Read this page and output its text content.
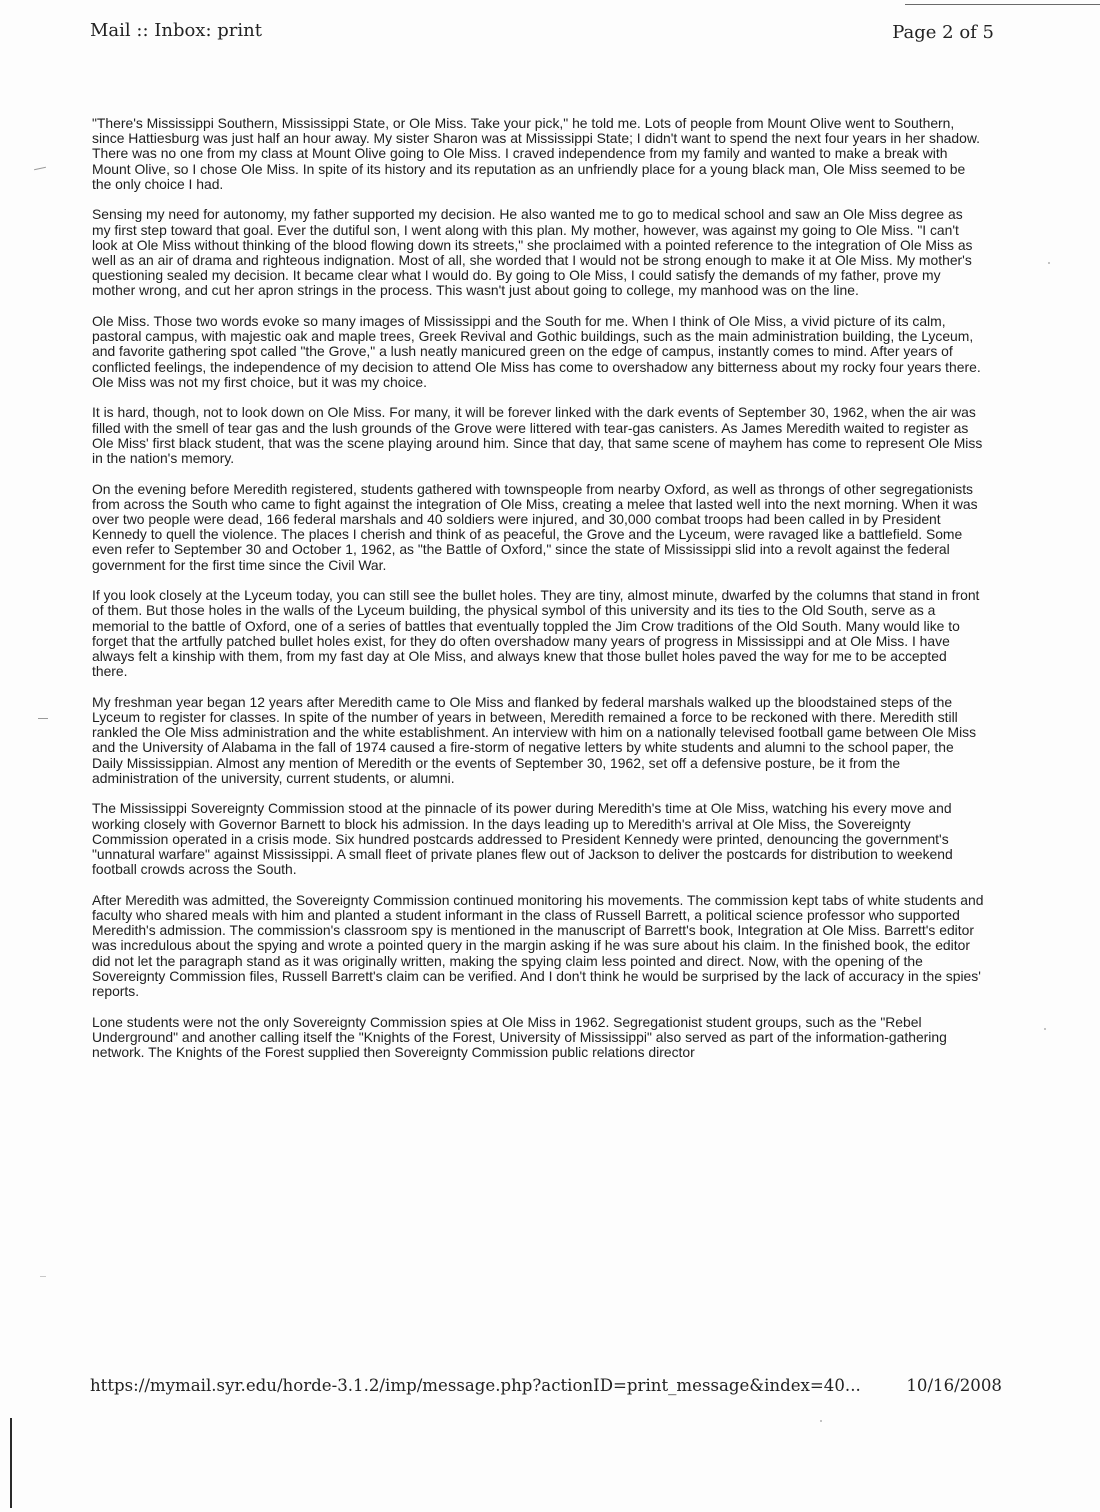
Mail :: Inbox: print	Page 2 of 5

"There's Mississippi Southern, Mississippi State, or Ole Miss. Take your pick," he told me. Lots of people from Mount Olive went to Southern, since Hattiesburg was just half an hour away. My sister Sharon was at Mississippi State; I didn't want to spend the next four years in her shadow. There was no one from my class at Mount Olive going to Ole Miss. I craved independence from my family and wanted to make a break with Mount Olive, so I chose Ole Miss. In spite of its history and its reputation as an unfriendly place for a young black man, Ole Miss seemed to be the only choice I had.

Sensing my need for autonomy, my father supported my decision. He also wanted me to go to medical school and saw an Ole Miss degree as my first step toward that goal. Ever the dutiful son, I went along with this plan. My mother, however, was against my going to Ole Miss. "I can't look at Ole Miss without thinking of the blood flowing down its streets," she proclaimed with a pointed reference to the integration of Ole Miss as well as an air of drama and righteous indignation. Most of all, she worded that I would not be strong enough to make it at Ole Miss. My mother's questioning sealed my decision. It became clear what I would do. By going to Ole Miss, I could satisfy the demands of my father, prove my mother wrong, and cut her apron strings in the process. This wasn't just about going to college, my manhood was on the line.

Ole Miss. Those two words evoke so many images of Mississippi and the South for me. When I think of Ole Miss, a vivid picture of its calm, pastoral campus, with majestic oak and maple trees, Greek Revival and Gothic buildings, such as the main administration building, the Lyceum, and favorite gathering spot called "the Grove," a lush neatly manicured green on the edge of campus, instantly comes to mind. After years of conflicted feelings, the independence of my decision to attend Ole Miss has come to overshadow any bitterness about my rocky four years there. Ole Miss was not my first choice, but it was my choice.

It is hard, though, not to look down on Ole Miss. For many, it will be forever linked with the dark events of September 30, 1962, when the air was filled with the smell of tear gas and the lush grounds of the Grove were littered with tear-gas canisters. As James Meredith waited to register as Ole Miss' first black student, that was the scene playing around him. Since that day, that same scene of mayhem has come to represent Ole Miss in the nation's memory.

On the evening before Meredith registered, students gathered with townspeople from nearby Oxford, as well as throngs of other segregationists from across the South who came to fight against the integration of Ole Miss, creating a melee that lasted well into the next morning. When it was over two people were dead, 166 federal marshals and 40 soldiers were injured, and 30,000 combat troops had been called in by President Kennedy to quell the violence. The places I cherish and think of as peaceful, the Grove and the Lyceum, were ravaged like a battlefield. Some even refer to September 30 and October 1, 1962, as "the Battle of Oxford," since the state of Mississippi slid into a revolt against the federal government for the first time since the Civil War.

If you look closely at the Lyceum today, you can still see the bullet holes. They are tiny, almost minute, dwarfed by the columns that stand in front of them. But those holes in the walls of the Lyceum building, the physical symbol of this university and its ties to the Old South, serve as a memorial to the battle of Oxford, one of a series of battles that eventually toppled the Jim Crow traditions of the Old South. Many would like to forget that the artfully patched bullet holes exist, for they do often overshadow many years of progress in Mississippi and at Ole Miss. I have always felt a kinship with them, from my fast day at Ole Miss, and always knew that those bullet holes paved the way for me to be accepted there.

My freshman year began 12 years after Meredith came to Ole Miss and flanked by federal marshals walked up the bloodstained steps of the Lyceum to register for classes. In spite of the number of years in between, Meredith remained a force to be reckoned with there. Meredith still rankled the Ole Miss administration and the white establishment. An interview with him on a nationally televised football game between Ole Miss and the University of Alabama in the fall of 1974 caused a fire-storm of negative letters by white students and alumni to the school paper, the Daily Mississippian. Almost any mention of Meredith or the events of September 30, 1962, set off a defensive posture, be it from the administration of the university, current students, or alumni.

The Mississippi Sovereignty Commission stood at the pinnacle of its power during Meredith's time at Ole Miss, watching his every move and working closely with Governor Barnett to block his admission. In the days leading up to Meredith's arrival at Ole Miss, the Sovereignty Commission operated in a crisis mode. Six hundred postcards addressed to President Kennedy were printed, denouncing the government's "unnatural warfare" against Mississippi. A small fleet of private planes flew out of Jackson to deliver the postcards for distribution to weekend football crowds across the South.

After Meredith was admitted, the Sovereignty Commission continued monitoring his movements. The commission kept tabs of white students and faculty who shared meals with him and planted a student informant in the class of Russell Barrett, a political science professor who supported Meredith's admission. The commission's classroom spy is mentioned in the manuscript of Barrett's book, Integration at Ole Miss. Barrett's editor was incredulous about the spying and wrote a pointed query in the margin asking if he was sure about his claim. In the finished book, the editor did not let the paragraph stand as it was originally written, making the spying claim less pointed and direct. Now, with the opening of the Sovereignty Commission files, Russell Barrett's claim can be verified. And I don't think he would be surprised by the lack of accuracy in the spies' reports.

Lone students were not the only Sovereignty Commission spies at Ole Miss in 1962. Segregationist student groups, such as the "Rebel Underground" and another calling itself the "Knights of the Forest, University of Mississippi" also served as part of the information-gathering network. The Knights of the Forest supplied then Sovereignty Commission public relations director

https://mymail.syr.edu/horde-3.1.2/imp/message.php?actionID=print_message&index=40...	10/16/2008
